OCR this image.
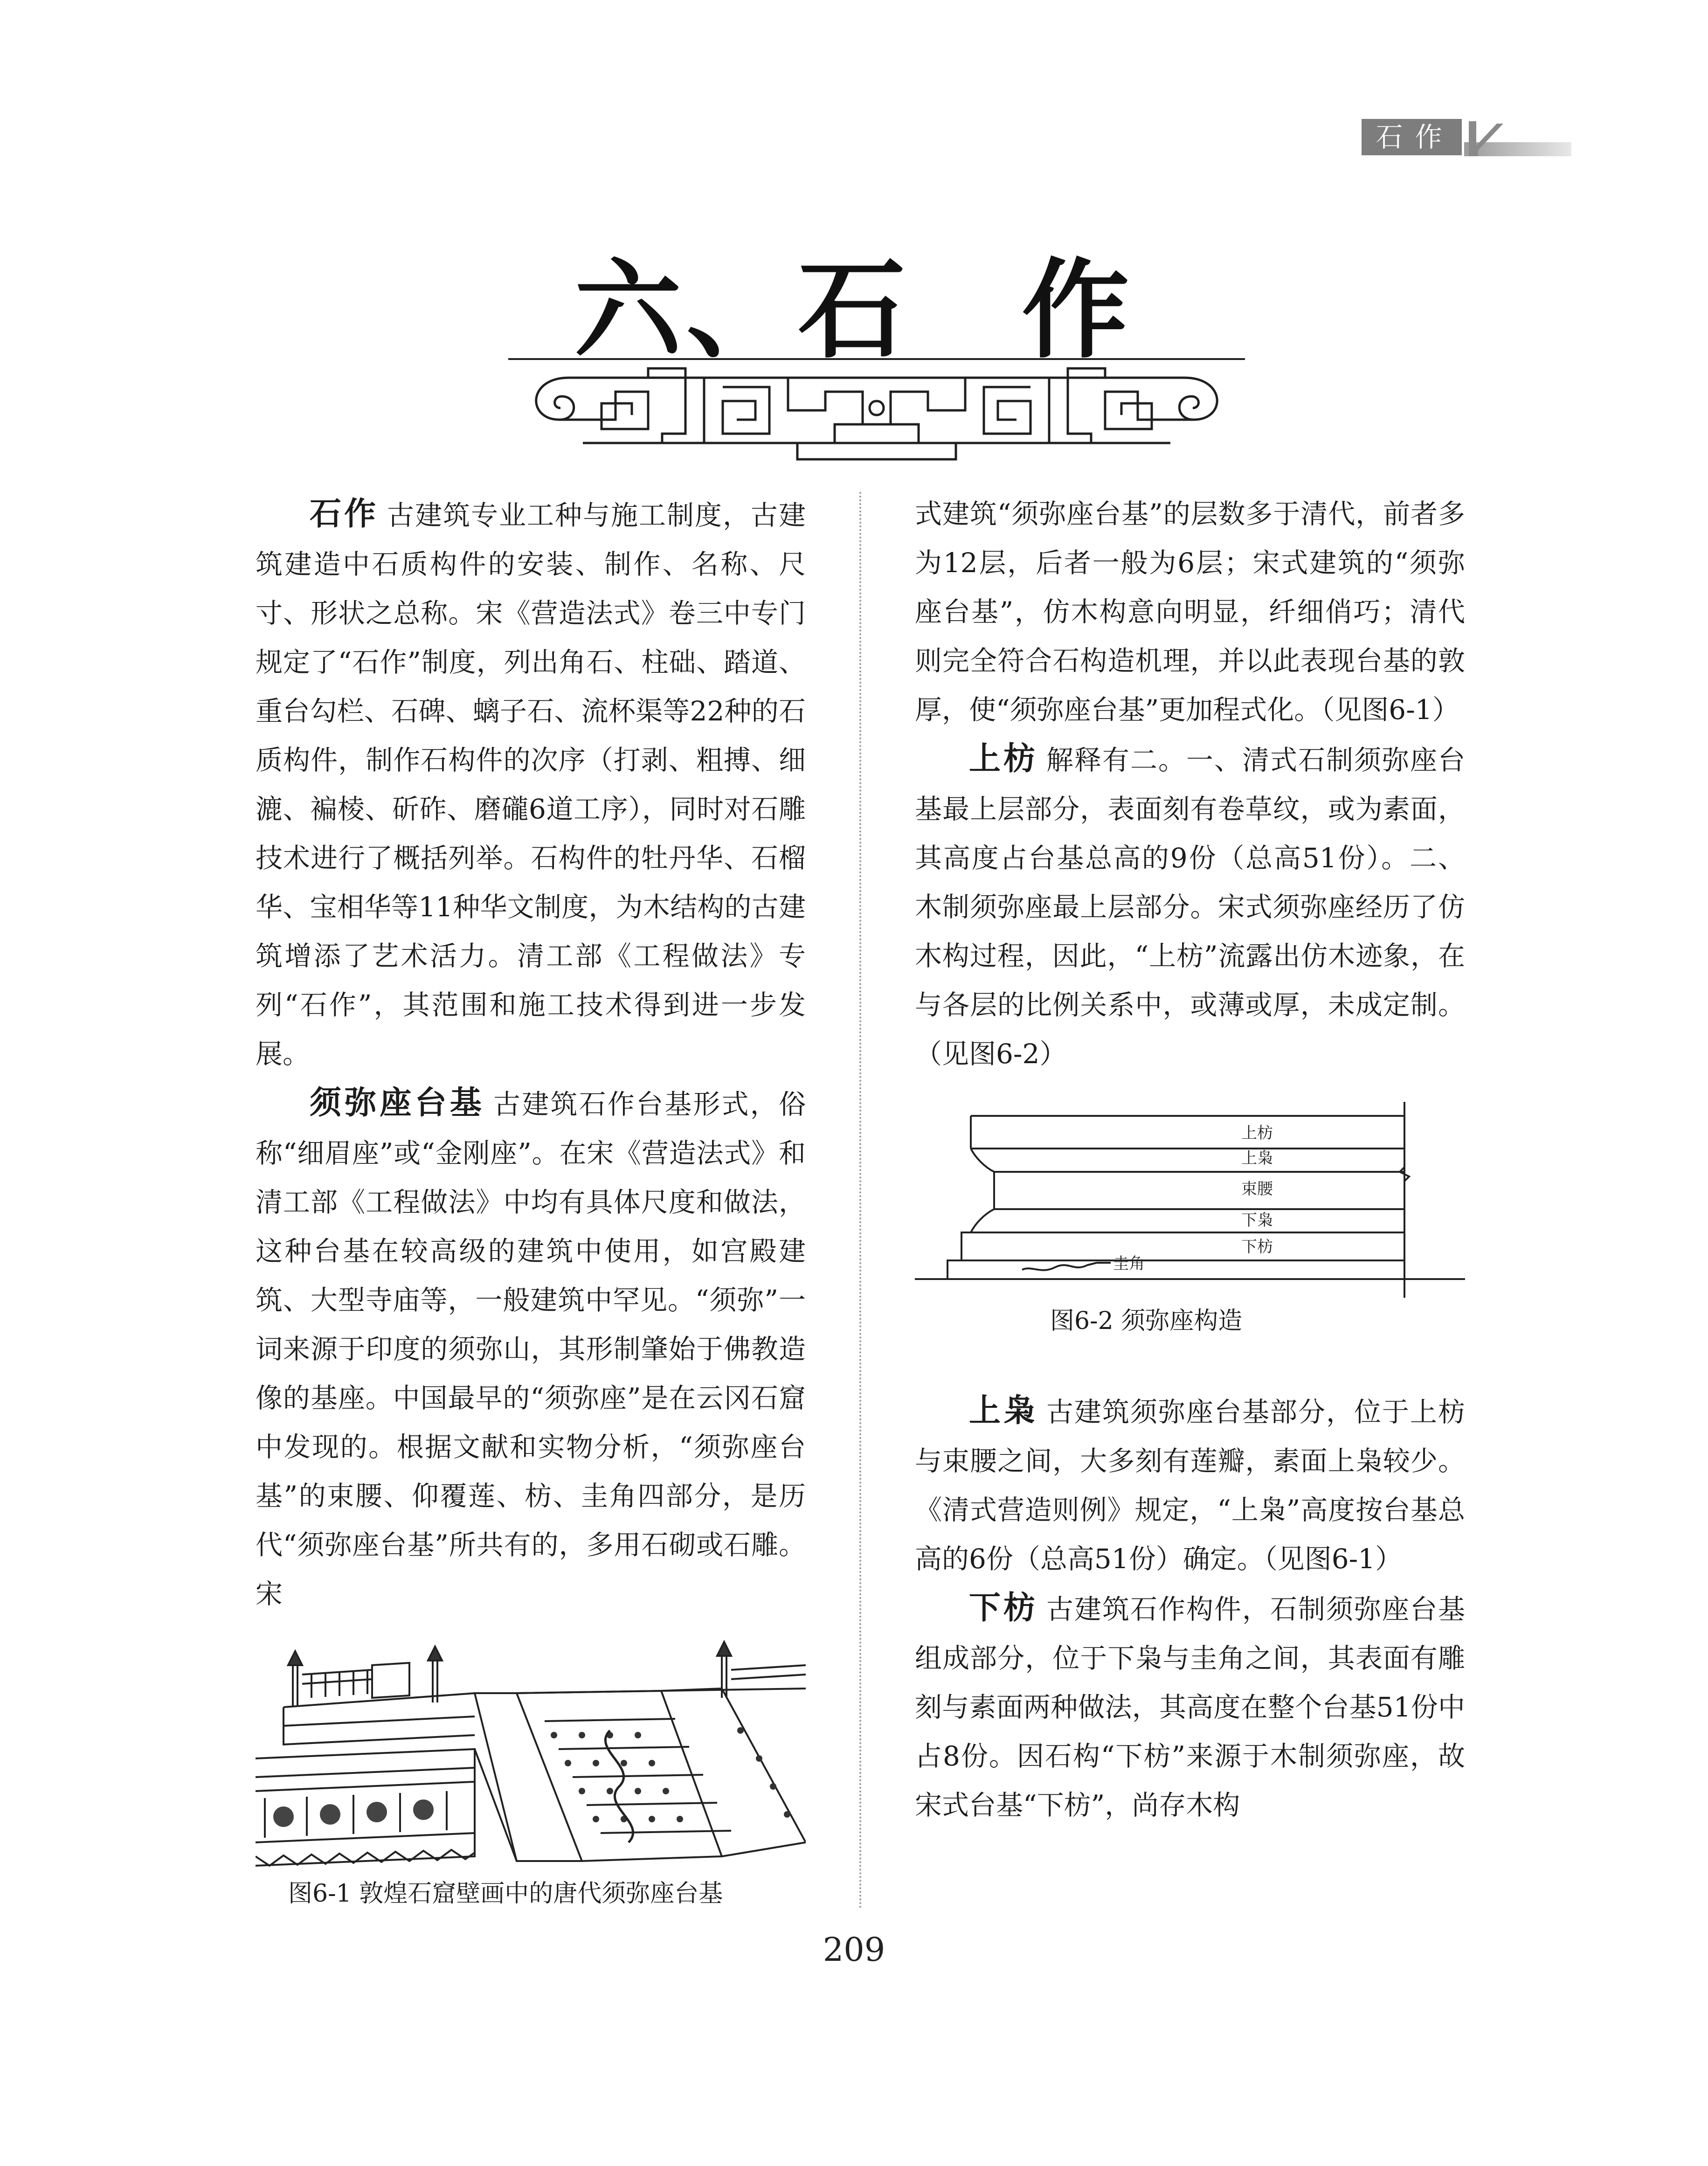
石作
六、石　作

石作 古建筑专业工种与施工制度，古建筑建造中石质构件的安装、制作、名称、尺寸、形状之总称。宋《营造法式》卷三中专门规定了“石作”制度，列出角石、柱础、踏道、重台勾栏、石碑、螭子石、流杯渠等22种的石质构件，制作石构件的次序（打剥、粗搏、细漉、褊棱、斫砟、磨礲6道工序），同时对石雕技术进行了概括列举。石构件的牡丹华、石榴华、宝相华等11种华文制度，为木结构的古建筑增添了艺术活力。清工部《工程做法》专列“石作”，其范围和施工技术得到进一步发展。

须弥座台基 古建筑石作台基形式，俗称“细眉座”或“金刚座”。在宋《营造法式》和清工部《工程做法》中均有具体尺度和做法，这种台基在较高级的建筑中使用，如宫殿建筑、大型寺庙等，一般建筑中罕见。“须弥”一词来源于印度的须弥山，其形制肇始于佛教造像的基座。中国最早的“须弥座”是在云冈石窟中发现的。根据文献和实物分析，“须弥座台基”的束腰、仰覆莲、枋、圭角四部分，是历代“须弥座台基”所共有的，多用石砌或石雕。宋

图6-1 敦煌石窟壁画中的唐代须弥座台基

式建筑“须弥座台基”的层数多于清代，前者多为12层，后者一般为6层；宋式建筑的“须弥座台基”，仿木构意向明显，纤细俏巧；清代则完全符合石构造机理，并以此表现台基的敦厚，使“须弥座台基”更加程式化。（见图6-1）

上枋 解释有二。一、清式石制须弥座台基最上层部分，表面刻有卷草纹，或为素面，其高度占台基总高的9份（总高51份）。二、木制须弥座最上层部分。宋式须弥座经历了仿木构过程，因此，“上枋”流露出仿木迹象，在与各层的比例关系中，或薄或厚，未成定制。（见图6-2）

上枋
上枭
束腰
下枭
下枋
圭角
图6-2 须弥座构造

上枭 古建筑须弥座台基部分，位于上枋与束腰之间，大多刻有莲瓣，素面上枭较少。《清式营造则例》规定，“上枭”高度按台基总高的6份（总高51份）确定。（见图6-1）

下枋 古建筑石作构件，石制须弥座台基组成部分，位于下枭与圭角之间，其表面有雕刻与素面两种做法，其高度在整个台基51份中占8份。因石构“下枋”来源于木制须弥座，故宋式台基“下枋”，尚存木构

209
